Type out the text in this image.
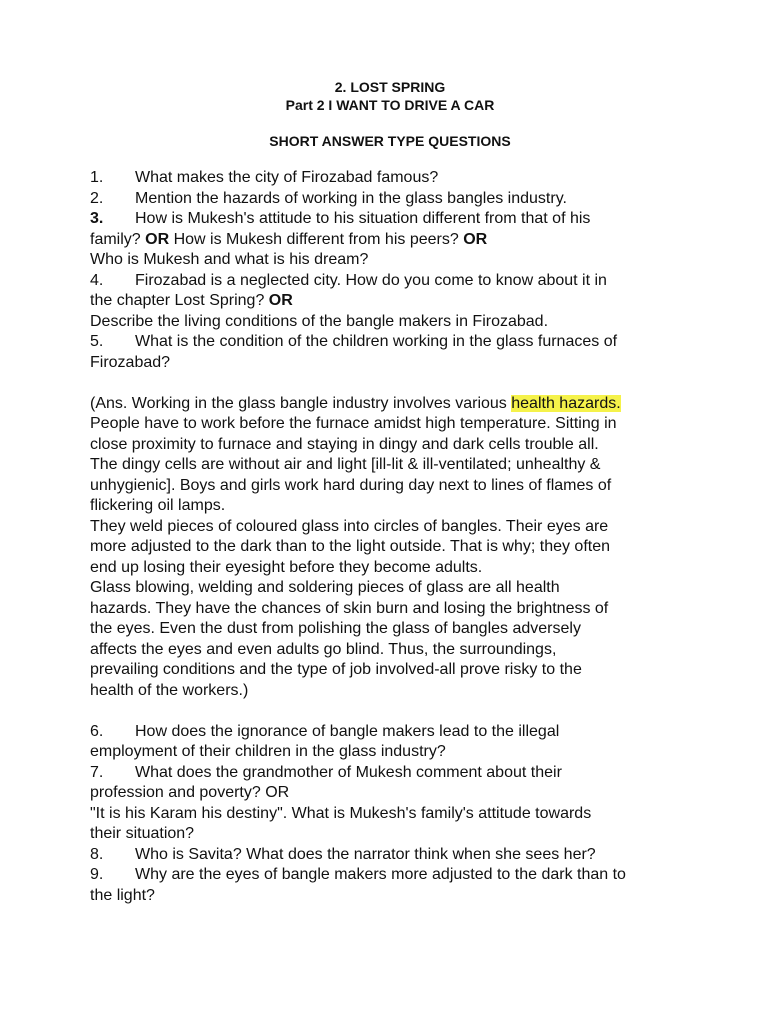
2. LOST SPRING

Part 2 I WANT TO DRIVE A CAR

SHORT ANSWER TYPE QUESTIONS

1. What makes the city of Firozabad famous?
2. Mention the hazards of working in the glass bangles industry.
3. How is Mukesh's attitude to his situation different from that of his
family? OR How is Mukesh different from his peers? OR
Who is Mukesh and what is his dream?
4. Firozabad is a neglected city. How do you come to know about it in
the chapter Lost Spring? OR
Describe the living conditions of the bangle makers in Firozabad.
5. What is the condition of the children working in the glass furnaces of
Firozabad?
(Ans. Working in the glass bangle industry involves various health hazards.
People have to work before the furnace amidst high temperature. Sitting in
close proximity to furnace and staying in dingy and dark cells trouble all.
The dingy cells are without air and light [ill-lit & ill-ventilated; unhealthy &
unhygienic]. Boys and girls work hard during day next to lines of flames of
flickering oil lamps.
They weld pieces of coloured glass into circles of bangles. Their eyes are
more adjusted to the dark than to the light outside. That is why; they often
end up losing their eyesight before they become adults.
Glass blowing, welding and soldering pieces of glass are all health
hazards. They have the chances of skin burn and losing the brightness of
the eyes. Even the dust from polishing the glass of bangles adversely
affects the eyes and even adults go blind. Thus, the surroundings,
prevailing conditions and the type of job involved-all prove risky to the
health of the workers.)
6. How does the ignorance of bangle makers lead to the illegal
employment of their children in the glass industry?
7. What does the grandmother of Mukesh comment about their
profession and poverty? OR
"It is his Karam his destiny". What is Mukesh's family's attitude towards
their situation?
8. Who is Savita? What does the narrator think when she sees her?
9. Why are the eyes of bangle makers more adjusted to the dark than to
the light?
